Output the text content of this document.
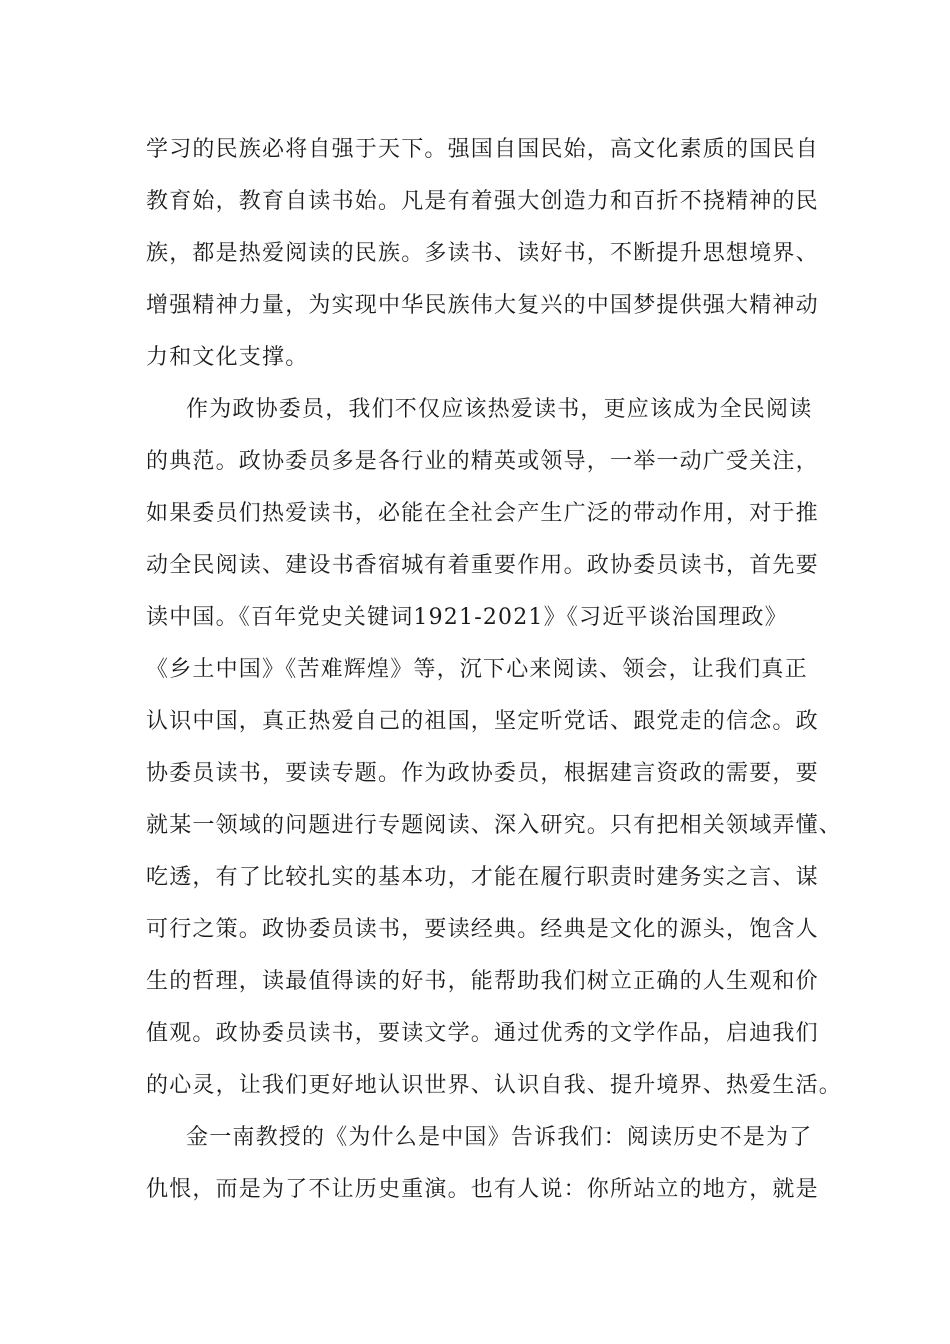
学习的民族必将自强于天下。强国自国民始，高文化素质的国民自
教育始，教育自读书始。凡是有着强大创造力和百折不挠精神的民
族，都是热爱阅读的民族。多读书、读好书，不断提升思想境界、
增强精神力量，为实现中华民族伟大复兴的中国梦提供强大精神动
力和文化支撑。
作为政协委员，我们不仅应该热爱读书，更应该成为全民阅读
的典范。政协委员多是各行业的精英或领导，一举一动广受关注，
如果委员们热爱读书，必能在全社会产生广泛的带动作用，对于推
动全民阅读、建设书香宿城有着重要作用。政协委员读书，首先要
读中国。《百年党史关键词1921-2021》《习近平谈治国理政》
《乡土中国》《苦难辉煌》等，沉下心来阅读、领会，让我们真正
认识中国，真正热爱自己的祖国，坚定听党话、跟党走的信念。政
协委员读书，要读专题。作为政协委员，根据建言资政的需要，要
就某一领域的问题进行专题阅读、深入研究。只有把相关领域弄懂、
吃透，有了比较扎实的基本功，才能在履行职责时建务实之言、谋
可行之策。政协委员读书，要读经典。经典是文化的源头，饱含人
生的哲理，读最值得读的好书，能帮助我们树立正确的人生观和价
值观。政协委员读书，要读文学。通过优秀的文学作品，启迪我们
的心灵，让我们更好地认识世界、认识自我、提升境界、热爱生活。
金一南教授的《为什么是中国》告诉我们：阅读历史不是为了
仇恨，而是为了不让历史重演。也有人说：你所站立的地方，就是
